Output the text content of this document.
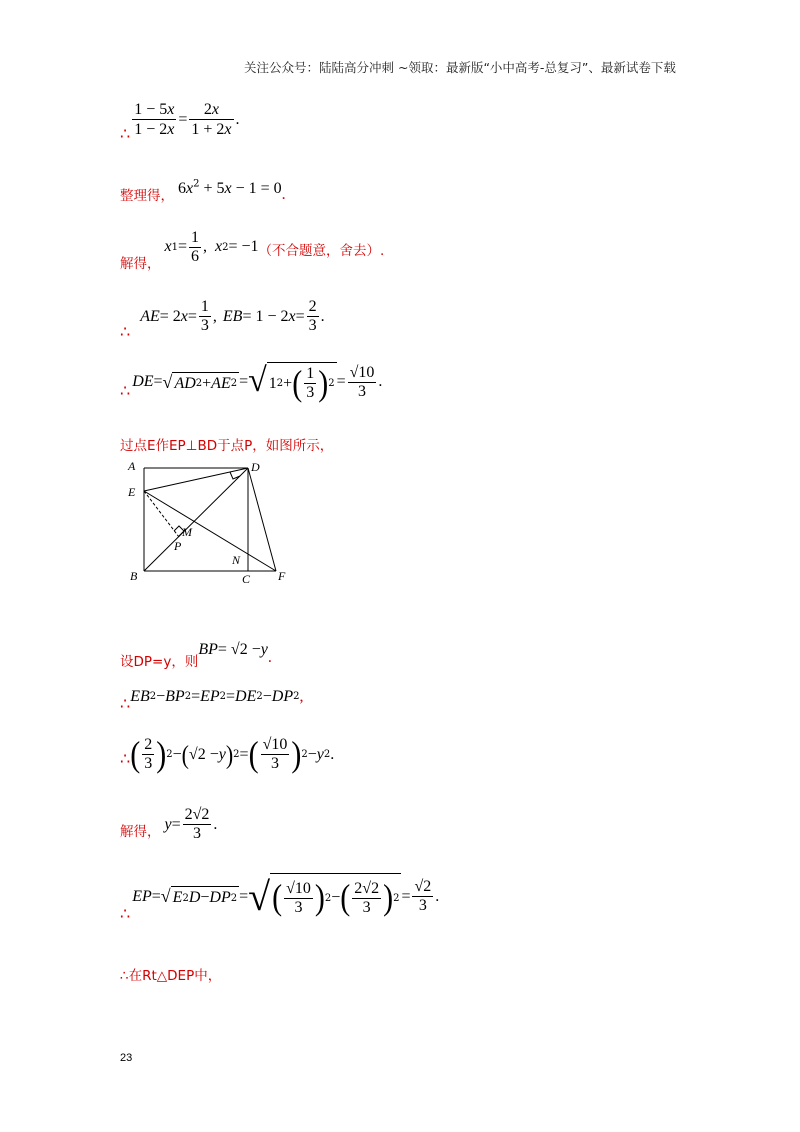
关注公众号：陆陆高分冲刺 ~领取：最新版“小中高考-总复习”、最新试卷下载
∴ $\frac{1 - 5x}{1 - 2x} = \frac{2x}{1 + 2x}$ .
整理得， $6x^2 + 5x - 1 = 0$ .
解得，
x $1 = \frac{1}{6}$ , x 2 = −1 （不合题意，舍去）.
∴
AE = 2 $x = \frac{1}{3}$ , EB = 1 − 2 $x = \frac{2}{3}$ .
∴ DE = √ AD 2 + AE 2 = √ 1 2 + ( $\frac{1}{3}$ ) $2 = \frac{√10}{3}$ .
过点E作EP⊥BD于点P，如图所示，
A	D
E
M
P
N
B	C F
设DP=y，则
BP = √2 − y .
∴ EB 2 − BP 2 = EP 2 = DE 2 − DP 2 ,
∴ ( $\frac{2}{3}$ ) 2 − ( √2 − y ) 2 = ( $\frac{√10}{3}$ ) 2 − y 2 .
解得， $y = \frac{2√2}{3}$ .
∴
EP = √ E 2 D − DP 2 = √ ( $\frac{√10}{3}$ ) 2 − ( $\frac{2√2}{3}$ ) $2 = \frac{√2}{3}$ .
∴在Rt△DEP中，
23
